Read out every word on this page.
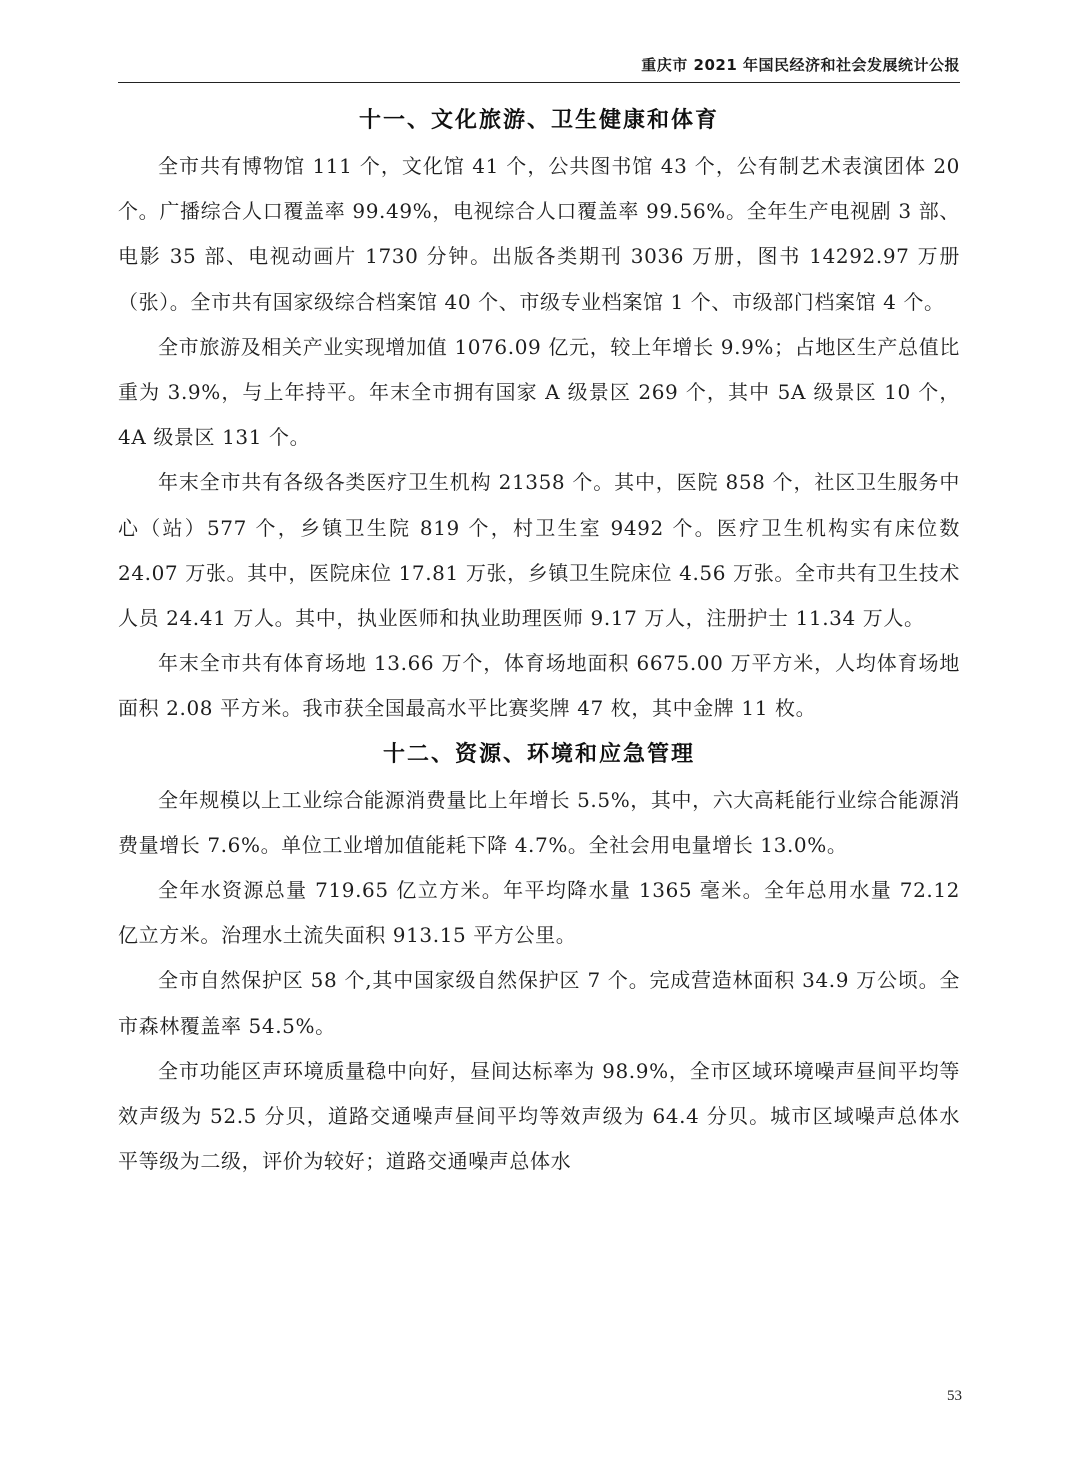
重庆市 2021 年国民经济和社会发展统计公报
十一、文化旅游、卫生健康和体育

全市共有博物馆 111 个，文化馆 41 个，公共图书馆 43 个，公有制艺术表演团体 20 个。广播综合人口覆盖率 99.49%，电视综合人口覆盖率 99.56%。全年生产电视剧 3 部、电影 35 部、电视动画片 1730 分钟。出版各类期刊 3036 万册，图书 14292.97 万册（张）。全市共有国家级综合档案馆 40 个、市级专业档案馆 1 个、市级部门档案馆 4 个。

全市旅游及相关产业实现增加值 1076.09 亿元，较上年增长 9.9%；占地区生产总值比重为 3.9%，与上年持平。年末全市拥有国家 A 级景区 269 个，其中 5A 级景区 10 个，4A 级景区 131 个。

年末全市共有各级各类医疗卫生机构 21358 个。其中，医院 858 个，社区卫生服务中心（站）577 个，乡镇卫生院 819 个，村卫生室 9492 个。医疗卫生机构实有床位数 24.07 万张。其中，医院床位 17.81 万张，乡镇卫生院床位 4.56 万张。全市共有卫生技术人员 24.41 万人。其中，执业医师和执业助理医师 9.17 万人，注册护士 11.34 万人。

年末全市共有体育场地 13.66 万个，体育场地面积 6675.00 万平方米，人均体育场地面积 2.08 平方米。我市获全国最高水平比赛奖牌 47 枚，其中金牌 11 枚。

十二、资源、环境和应急管理

全年规模以上工业综合能源消费量比上年增长 5.5%，其中，六大高耗能行业综合能源消费量增长 7.6%。单位工业增加值能耗下降 4.7%。全社会用电量增长 13.0%。

全年水资源总量 719.65 亿立方米。年平均降水量 1365 毫米。全年总用水量 72.12 亿立方米。治理水土流失面积 913.15 平方公里。

全市自然保护区 58 个,其中国家级自然保护区 7 个。完成营造林面积 34.9 万公顷。全市森林覆盖率 54.5%。

全市功能区声环境质量稳中向好，昼间达标率为 98.9%，全市区域环境噪声昼间平均等效声级为 52.5 分贝，道路交通噪声昼间平均等效声级为 64.4 分贝。城市区域噪声总体水平等级为二级，评价为较好；道路交通噪声总体水

53
